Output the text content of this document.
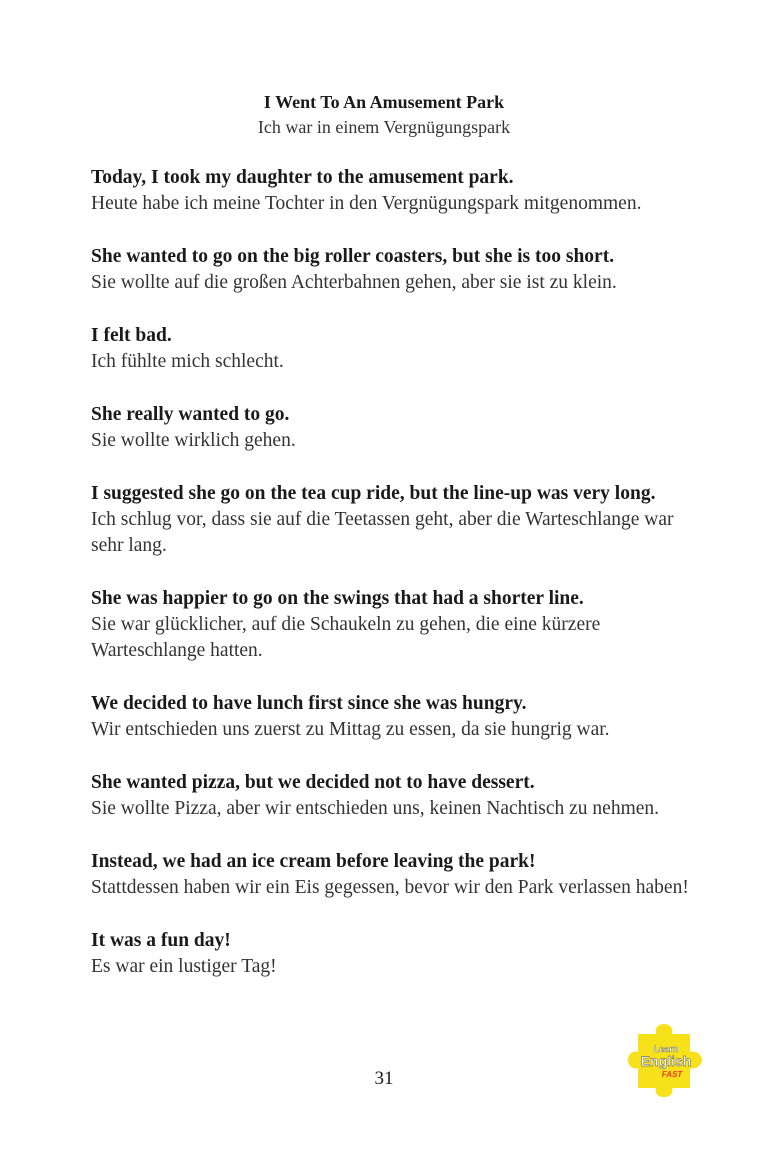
I Went To An Amusement Park
Ich war in einem Vergnügungspark
Today, I took my daughter to the amusement park.
Heute habe ich meine Tochter in den Vergnügungspark mitgenommen.
She wanted to go on the big roller coasters, but she is too short.
Sie wollte auf die großen Achterbahnen gehen, aber sie ist zu klein.
I felt bad.
Ich fühlte mich schlecht.
She really wanted to go.
Sie wollte wirklich gehen.
I suggested she go on the tea cup ride, but the line-up was very long.
Ich schlug vor, dass sie auf die Teetassen geht, aber die Warteschlange war sehr lang.
She was happier to go on the swings that had a shorter line.
Sie war glücklicher, auf die Schaukeln zu gehen, die eine kürzere Warteschlange hatten.
We decided to have lunch first since she was hungry.
Wir entschieden uns zuerst zu Mittag zu essen, da sie hungrig war.
She wanted pizza, but we decided not to have dessert.
Sie wollte Pizza, aber wir entschieden uns, keinen Nachtisch zu nehmen.
Instead, we had an ice cream before leaving the park!
Stattdessen haben wir ein Eis gegessen, bevor wir den Park verlassen haben!
It was a fun day!
Es war ein lustiger Tag!
31
Learn
English
FAST
